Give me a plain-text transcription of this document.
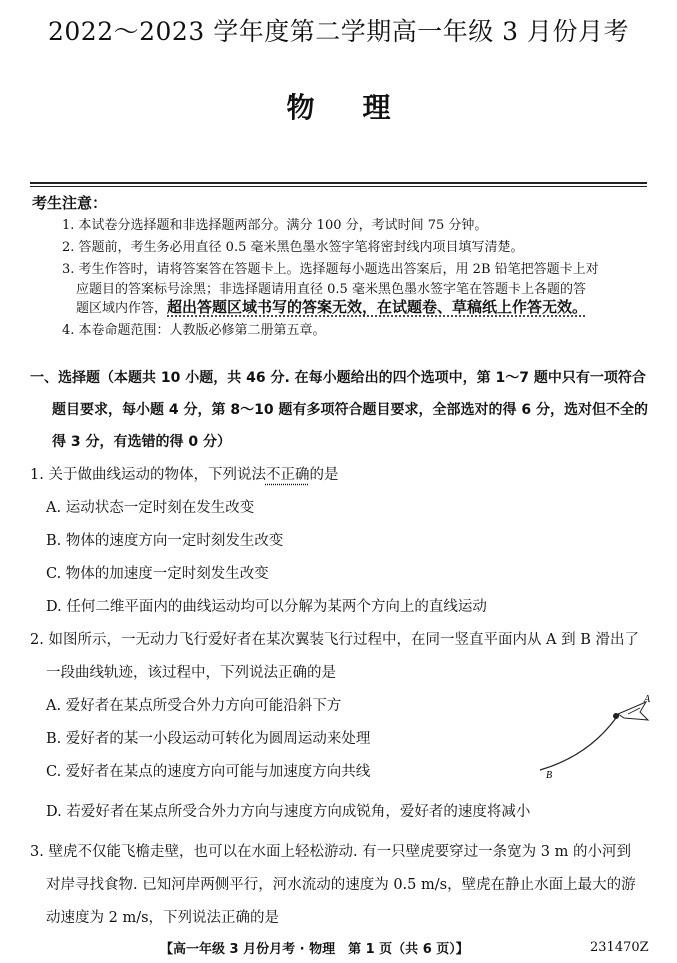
2022～2023 学年度第二学期高一年级 3 月份月考
物理
考生注意：
1. 本试卷分选择题和非选择题两部分。满分 100 分，考试时间 75 分钟。
2. 答题前，考生务必用直径 0.5 毫米黑色墨水签字笔将密封线内项目填写清楚。
3. 考生作答时，请将答案答在答题卡上。选择题每小题选出答案后，用 2B 铅笔把答题卡上对
应题目的答案标号涂黑；非选择题请用直径 0.5 毫米黑色墨水签字笔在答题卡上各题的答
题区域内作答，超出答题区域书写的答案无效，在试题卷、草稿纸上作答无效。
4. 本卷命题范围：人教版必修第二册第五章。
一、选择题（本题共 10 小题，共 46 分. 在每小题给出的四个选项中，第 1～7 题中只有一项符合
题目要求，每小题 4 分，第 8～10 题有多项符合题目要求，全部选对的得 6 分，选对但不全的
得 3 分，有选错的得 0 分）
1. 关于做曲线运动的物体，下列说法不正确的是
A. 运动状态一定时刻在发生改变
B. 物体的速度方向一定时刻发生改变
C. 物体的加速度一定时刻发生改变
D. 任何二维平面内的曲线运动均可以分解为某两个方向上的直线运动
2. 如图所示，一无动力飞行爱好者在某次翼装飞行过程中，在同一竖直平面内从 A 到 B 滑出了
一段曲线轨迹，该过程中，下列说法正确的是
A. 爱好者在某点所受合外力方向可能沿斜下方
B. 爱好者的某一小段运动可转化为圆周运动来处理
C. 爱好者在某点的速度方向可能与加速度方向共线
D. 若爱好者在某点所受合外力方向与速度方向成锐角，爱好者的速度将减小
A
B
3. 壁虎不仅能飞檐走壁，也可以在水面上轻松游动. 有一只壁虎要穿过一条宽为 3 m 的小河到
对岸寻找食物. 已知河岸两侧平行，河水流动的速度为 0.5 m/s，壁虎在静止水面上最大的游
动速度为 2 m/s，下列说法正确的是
【高一年级 3 月份月考 · 物理　第 1 页（共 6 页）】	231470Z
